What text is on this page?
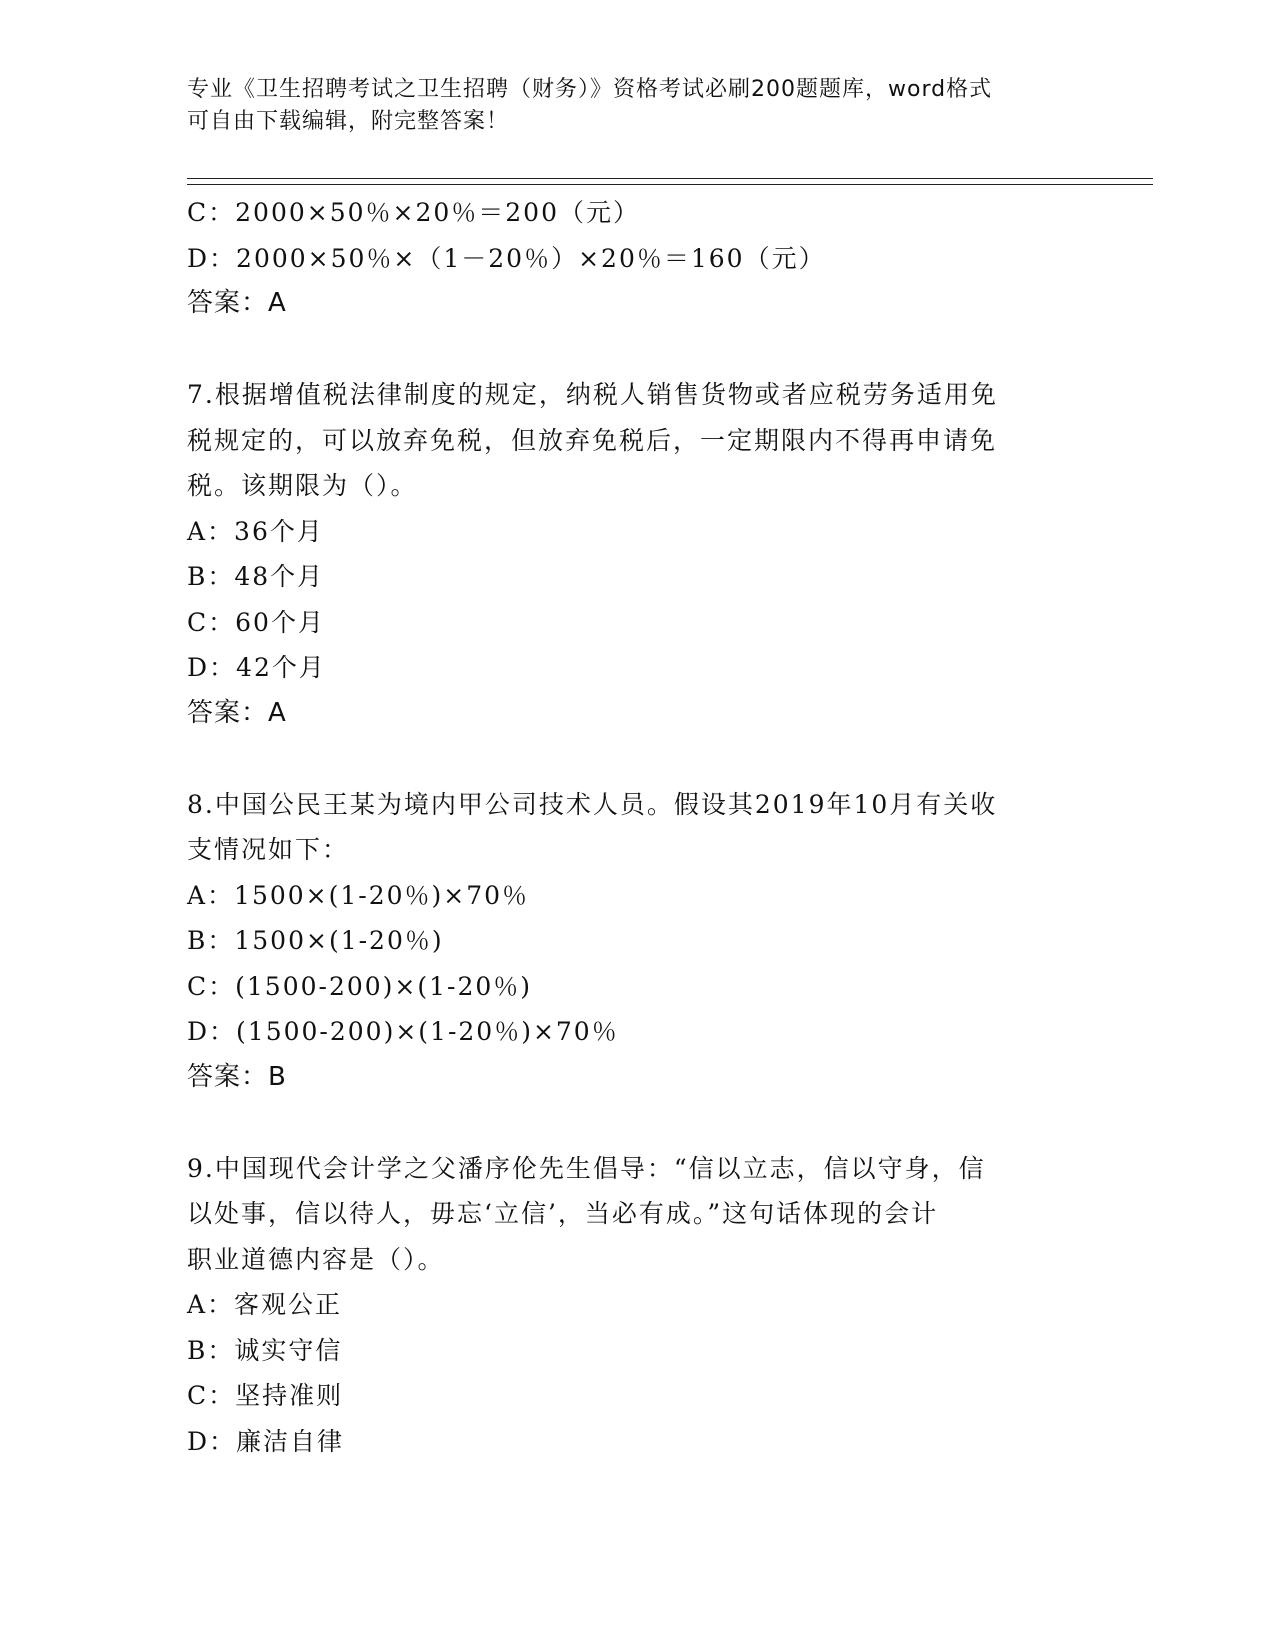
专业《卫生招聘考试之卫生招聘（财务）》资格考试必刷200题题库，word格式
可自由下载编辑，附完整答案！
C：2000×50％×20％＝200（元）
D：2000×50％×（1－20％）×20％＝160（元）
答案：A
7.根据增值税法律制度的规定，纳税人销售货物或者应税劳务适用免
税规定的，可以放弃免税，但放弃免税后，一定期限内不得再申请免
税。该期限为（）。
A：36个月
B：48个月
C：60个月
D：42个月
答案：A
8.中国公民王某为境内甲公司技术人员。假设其2019年10月有关收
支情况如下：
A：1500×(1-20％)×70％
B：1500×(1-20％)
C：(1500-200)×(1-20％)
D：(1500-200)×(1-20％)×70％
答案：B
9.中国现代会计学之父潘序伦先生倡导：“信以立志，信以守身，信
以处事，信以待人，毋忘‘立信’，当必有成。”这句话体现的会计
职业道德内容是（）。
A：客观公正
B：诚实守信
C：坚持准则
D：廉洁自律
